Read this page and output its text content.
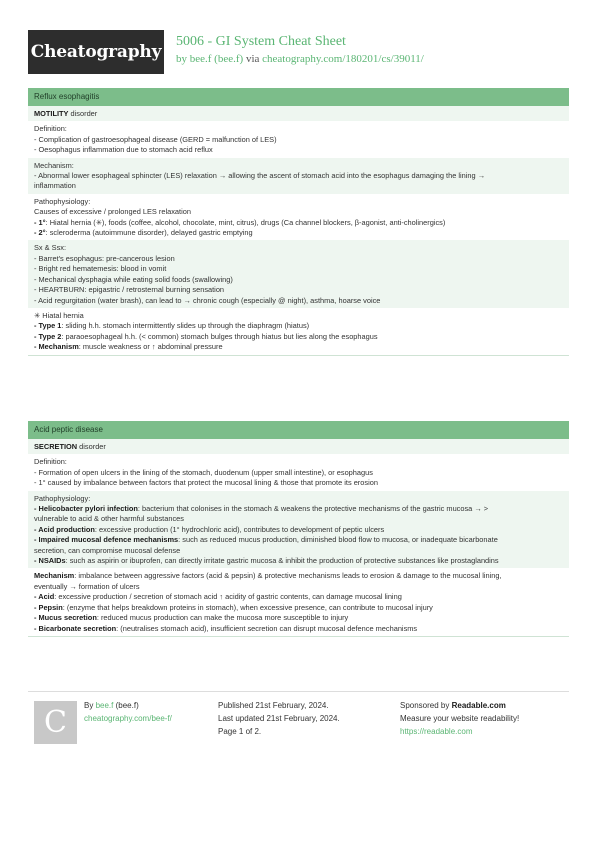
Cheatography
5006 - GI System Cheat Sheet
by bee.f (bee.f) via cheatography.com/180201/cs/39011/
Reflux esophagitis
MOTILITY disorder
Definition:
- Complication of gastroesophageal disease (GERD = malfunction of LES)
- Oesophagus inflammation due to stomach acid reflux
Mechanism:
- Abnormal lower esophageal sphincter (LES) relaxation → allowing the ascent of stomach acid into the esophagus damaging the lining →
inflammation
Pathophysiology:
Causes of excessive / prolonged LES relaxation
- 1°: Hiatal hernia (✳), foods (coffee, alcohol, chocolate, mint, citrus), drugs (Ca channel blockers, β-agonist, anti-cholinergics)
- 2°: scleroderma (autoimmune disorder), delayed gastric emptying
Sx & Ssx:
- Barret's esophagus: pre-cancerous lesion
- Bright red hematemesis: blood in vomit
- Mechanical dysphagia while eating solid foods (swallowing)
- HEARTBURN: epigastric / retrosternal burning sensation
- Acid regurgitation (water brash), can lead to → chronic cough (especially @ night), asthma, hoarse voice
✳ Hiatal hernia
- Type 1: sliding h.h. stomach intermittently slides up through the diaphragm (hiatus)
- Type 2: paraoesophageal h.h. (< common) stomach bulges through hiatus but lies along the esophagus
- Mechanism: muscle weakness or ↑ abdominal pressure
Acid peptic disease
SECRETION disorder
Definition:
- Formation of open ulcers in the lining of the stomach, duodenum (upper small intestine), or esophagus
- 1° caused by imbalance between factors that protect the mucosal lining & those that promote its erosion
Pathophysiology:
- Helicobacter pylori infection: bacterium that colonises in the stomach & weakens the protective mechanisms of the gastric mucosa → >
vulnerable to acid & other harmful substances
- Acid production: excessive production (1° hydrochloric acid), contributes to development of peptic ulcers
- Impaired mucosal defence mechanisms: such as reduced mucus production, diminished blood flow to mucosa, or inadequate bicarbonate
secretion, can compromise mucosal defense
- NSAIDs: such as aspirin or ibuprofen, can directly irritate gastric mucosa & inhibit the production of protective substances like prostaglandins
Mechanism: imbalance between aggressive factors (acid & pepsin) & protective mechanisms leads to erosion & damage to the mucosal lining,
eventually → formation of ulcers
- Acid: excessive production / secretion of stomach acid ↑ acidity of gastric contents, can damage mucosal lining
- Pepsin: (enzyme that helps breakdown proteins in stomach), when excessive presence, can contribute to mucosal injury
- Mucus secretion: reduced mucus production can make the mucosa more susceptible to injury
- Bicarbonate secretion: (neutralises stomach acid), insufficient secretion can disrupt mucosal defence mechanisms
C	By bee.f (bee.f)
cheatography.com/bee-f/
Published 21st February, 2024.
Last updated 21st February, 2024.
Page 1 of 2.
Sponsored by Readable.com
Measure your website readability!
https://readable.com
